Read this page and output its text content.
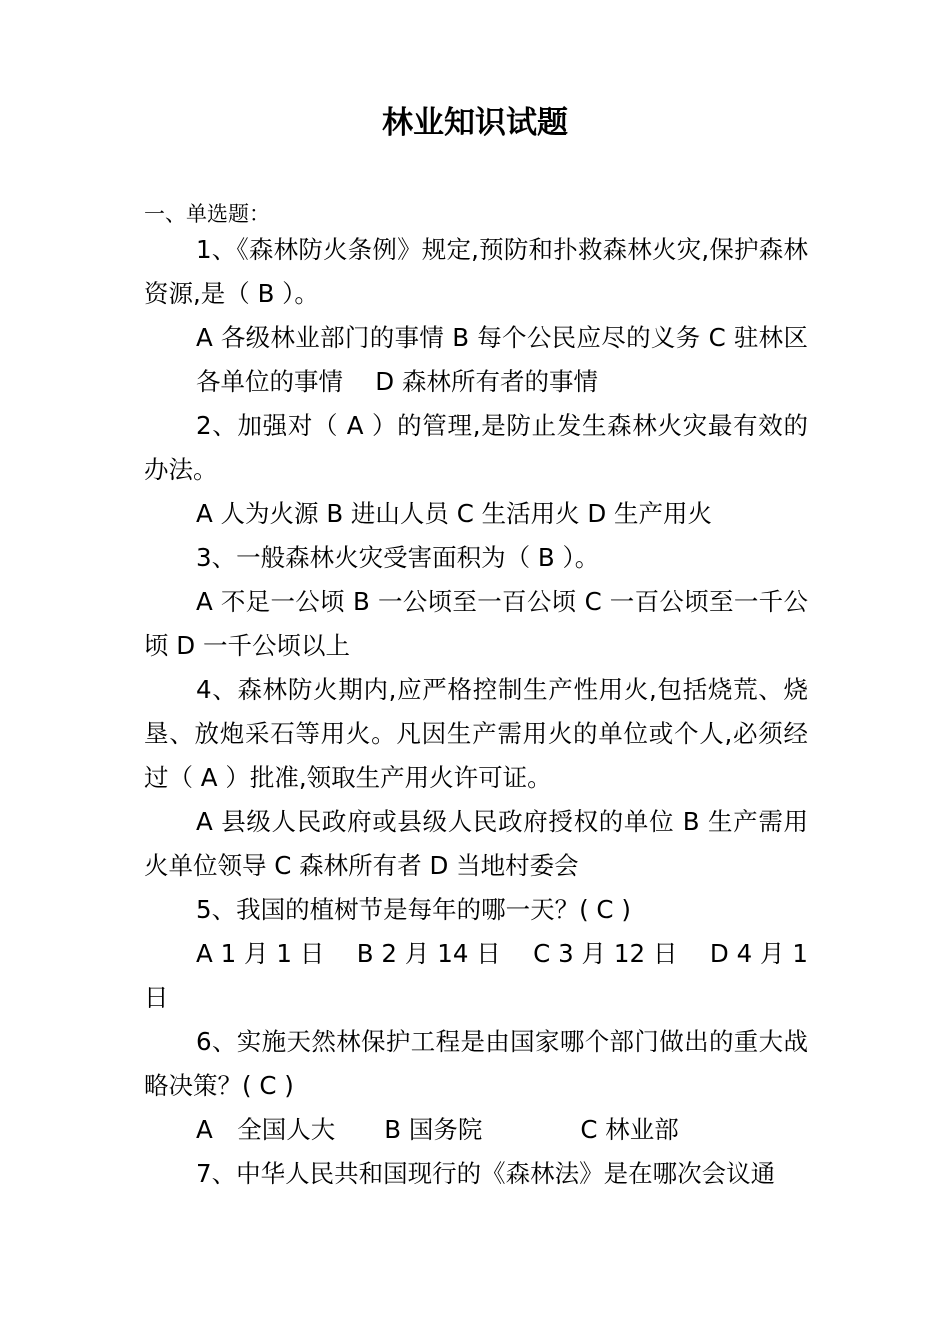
林业知识试题
一、单选题：

1、《森林防火条例》规定,预防和扑救森林火灾,保护森林资源,是（ B ）。

A 各级林业部门的事情 B 每个公民应尽的义务 C 驻林区各单位的事情　 D 森林所有者的事情

2、加强对（ A ）的管理,是防止发生森林火灾最有效的办法。

A 人为火源 B 进山人员 C 生活用火 D 生产用火

3、一般森林火灾受害面积为（ B ）。

A 不足一公顷 B 一公顷至一百公顷 C 一百公顷至一千公顷 D 一千公顷以上

4、森林防火期内,应严格控制生产性用火,包括烧荒、烧垦、放炮采石等用火。凡因生产需用火的单位或个人,必须经过（ A ）批准,领取生产用火许可证。

A 县级人民政府或县级人民政府授权的单位 B 生产需用火单位领导 C 森林所有者 D 当地村委会

5、我国的植树节是每年的哪一天？( C )

A 1 月 1 日　 B 2 月 14 日　 C 3 月 12 日　 D 4 月 1 日

6、实施天然林保护工程是由国家哪个部门做出的重大战略决策？( C )

A　全国人大　　B 国务院　　　　C 林业部

7、中华人民共和国现行的《森林法》是在哪次会议通
